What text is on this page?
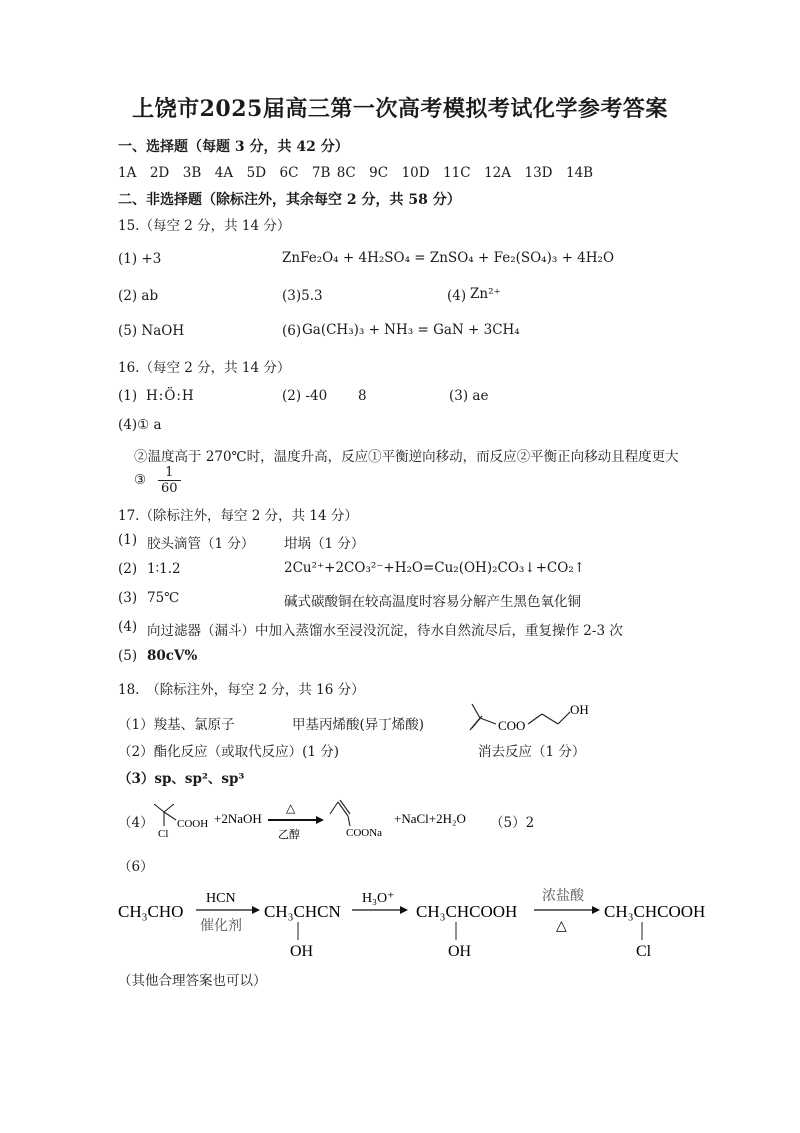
上饶市2025届高三第一次高考模拟考试化学参考答案
一、选择题（每题 3 分，共 42 分）
1A　2D　3B　4A　5D　6C　7B 8C　9C　10D　11C　12A　13D　14B
二、非选择题（除标注外，其余每空 2 分，共 58 分）
15.（每空 2 分，共 14 分）
(1) +3	ZnFe₂O₄ + 4H₂SO₄ = ZnSO₄ + Fe₂(SO₄)₃ + 4H₂O
(2) ab	(3)5.3	(4) Zn²⁺
(5) NaOH	(6) Ga(CH₃)₃ + NH₃ = GaN + 3CH₄
16.（每空 2 分，共 14 分）
(1) H:Ö:H	(2) -40 8	(3) ae
(4)① a
②温度高于 270℃时，温度升高，反应①平衡逆向移动，而反应②平衡正向移动且程度更大
③ $\frac{1}{60}$
17.（除标注外，每空 2 分，共 14 分）
(1) 胶头滴管（1 分） 坩埚（1 分）
(2) 1∶1.2	2Cu²⁺+2CO₃²⁻+H₂O=Cu₂(OH)₂CO₃↓+CO₂↑
(3) 75℃	碱式碳酸铜在较高温度时容易分解产生黑色氧化铜
(4) 向过滤器（漏斗）中加入蒸馏水至浸没沉淀，待水自然流尽后，重复操作 2-3 次
(5) 80cV%
18.　（除标注外，每空 2 分，共 16 分）
（1）羧基、氯原子	甲基丙烯酸(异丁烯酸)	COO
OH
（2）酯化反应（或取代反应）(1 分)	消去反应（1 分）
（3）sp、sp²、sp³
（4） COOH
Cl
+2NaOH
△
乙醇	COONa
+NaCl+2H₂O （5）2
（6）
CH₃CHO
HCN
催化剂
CH₃CHCN
OH
H₃O⁺
CH₃CHCOOH
OH
浓盐酸
△
CH₃CHCOOH
Cl
（其他合理答案也可以）
